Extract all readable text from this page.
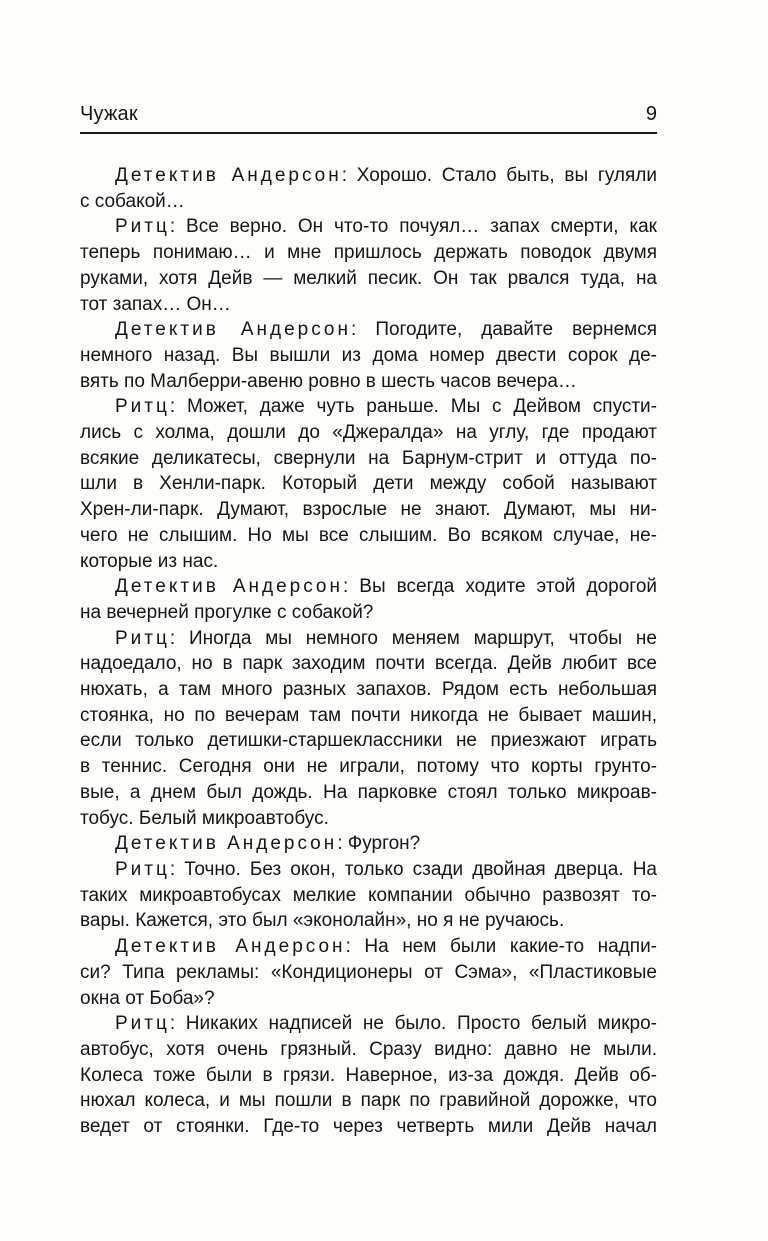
Чужак	9
Детектив Андерсон: Хорошо. Стало быть, вы гуляли
с собакой…
Ритц: Все верно. Он что-то почуял… запах смерти, как
теперь понимаю… и мне пришлось держать поводок двумя
руками, хотя Дейв — мелкий песик. Он так рвался туда, на
тот запах… Он…
Детектив Андерсон: Погодите, давайте вернемся
немного назад. Вы вышли из дома номер двести сорок де-
вять по Малберри-авеню ровно в шесть часов вечера…
Ритц: Может, даже чуть раньше. Мы с Дейвом спусти-
лись с холма, дошли до «Джералда» на углу, где продают
всякие деликатесы, свернули на Барнум-стрит и оттуда по-
шли в Хенли-парк. Который дети между собой называют
Хрен-ли-парк. Думают, взрослые не знают. Думают, мы ни-
чего не слышим. Но мы все слышим. Во всяком случае, не-
которые из нас.
Детектив Андерсон: Вы всегда ходите этой дорогой
на вечерней прогулке с собакой?
Ритц: Иногда мы немного меняем маршрут, чтобы не
надоедало, но в парк заходим почти всегда. Дейв любит все
нюхать, а там много разных запахов. Рядом есть небольшая
стоянка, но по вечерам там почти никогда не бывает машин,
если только детишки-старшеклассники не приезжают играть
в теннис. Сегодня они не играли, потому что корты грунто-
вые, а днем был дождь. На парковке стоял только микроав-
тобус. Белый микроавтобус.
Детектив Андерсон: Фургон?
Ритц: Точно. Без окон, только сзади двойная дверца. На
таких микроавтобусах мелкие компании обычно развозят то-
вары. Кажется, это был «эконолайн», но я не ручаюсь.
Детектив Андерсон: На нем были какие-то надпи-
си? Типа рекламы: «Кондиционеры от Сэма», «Пластиковые
окна от Боба»?
Ритц: Никаких надписей не было. Просто белый микро-
автобус, хотя очень грязный. Сразу видно: давно не мыли.
Колеса тоже были в грязи. Наверное, из-за дождя. Дейв об-
нюхал колеса, и мы пошли в парк по гравийной дорожке, что
ведет от стоянки. Где-то через четверть мили Дейв начал
